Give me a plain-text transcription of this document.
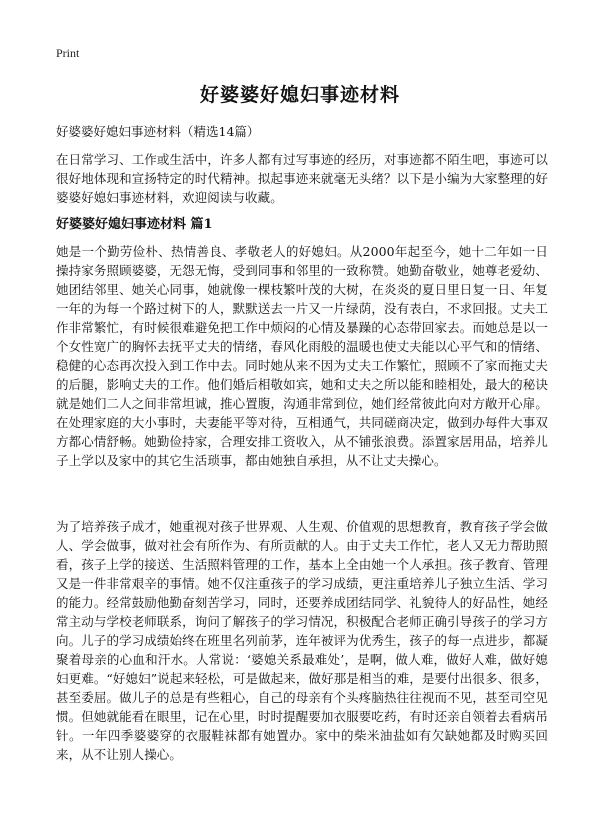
Print
好婆婆好媳妇事迹材料

好婆婆好媳妇事迹材料（精选14篇）

在日常学习、工作或生活中，许多人都有过写事迹的经历，对事迹都不陌生吧，事迹可以很好地体现和宣扬特定的时代精神。拟起事迹来就毫无头绪？以下是小编为大家整理的好婆婆好媳妇事迹材料，欢迎阅读与收藏。

好婆婆好媳妇事迹材料 篇1

她是一个勤劳俭朴、热情善良、孝敬老人的好媳妇。从2000年起至今，她十二年如一日操持家务照顾婆婆，无怨无悔，受到同事和邻里的一致称赞。她勤奋敬业，她尊老爱幼、她团结邻里、她关心同事，她就像一棵枝繁叶茂的大树，在炎炎的夏日里日复一日、年复一年的为每一个路过树下的人，默默送去一片又一片绿荫，没有表白，不求回报。丈夫工作非常繁忙，有时候很难避免把工作中烦闷的心情及暴躁的心态带回家去。而她总是以一个女性宽广的胸怀去抚平丈夫的情绪，春风化雨般的温暖也使丈夫能以心平气和的情绪、稳健的心态再次投入到工作中去。同时她从来不因为丈夫工作繁忙，照顾不了家而拖丈夫的后腿，影响丈夫的工作。他们婚后相敬如宾，她和丈夫之所以能和睦相处，最大的秘诀就是她们二人之间非常坦诚，推心置腹，沟通非常到位，她们经常彼此向对方敞开心扉。在处理家庭的大小事时，夫妻能平等对待，互相通气，共同磋商决定，做到办每件大事双方都心情舒畅。她勤俭持家，合理安排工资收入，从不铺张浪费。添置家居用品，培养儿子上学以及家中的其它生活琐事，都由她独自承担，从不让丈夫操心。

为了培养孩子成才，她重视对孩子世界观、人生观、价值观的思想教育，教育孩子学会做人、学会做事，做对社会有所作为、有所贡献的人。由于丈夫工作忙，老人又无力帮助照看，孩子上学的接送、生活照料管理的工作，基本上全由她一个人承担。孩子教育、管理又是一件非常艰辛的事情。她不仅注重孩子的学习成绩，更注重培养儿子独立生活、学习的能力。经常鼓励他勤奋刻苦学习，同时，还要养成团结同学、礼貌待人的好品性，她经常主动与学校老师联系，询问了解孩子的学习情况，积极配合老师正确引导孩子的学习方向。儿子的学习成绩始终在班里名列前茅，连年被评为优秀生，孩子的每一点进步，都凝聚着母亲的心血和汗水。人常说：‘婆媳关系最难处’，是啊，做人难，做好人难，做好媳妇更难。“好媳妇”说起来轻松，可是做起来，做好那是相当的难，是要付出很多、很多，甚至委屈。做儿子的总是有些粗心，自己的母亲有个头疼脑热往往视而不见，甚至司空见惯。但她就能看在眼里，记在心里，时时提醒要加衣服要吃药，有时还亲自领着去看病吊针。一年四季婆婆穿的衣服鞋袜都有她置办。家中的柴米油盐如有欠缺她都及时购买回来，从不让别人操心。
